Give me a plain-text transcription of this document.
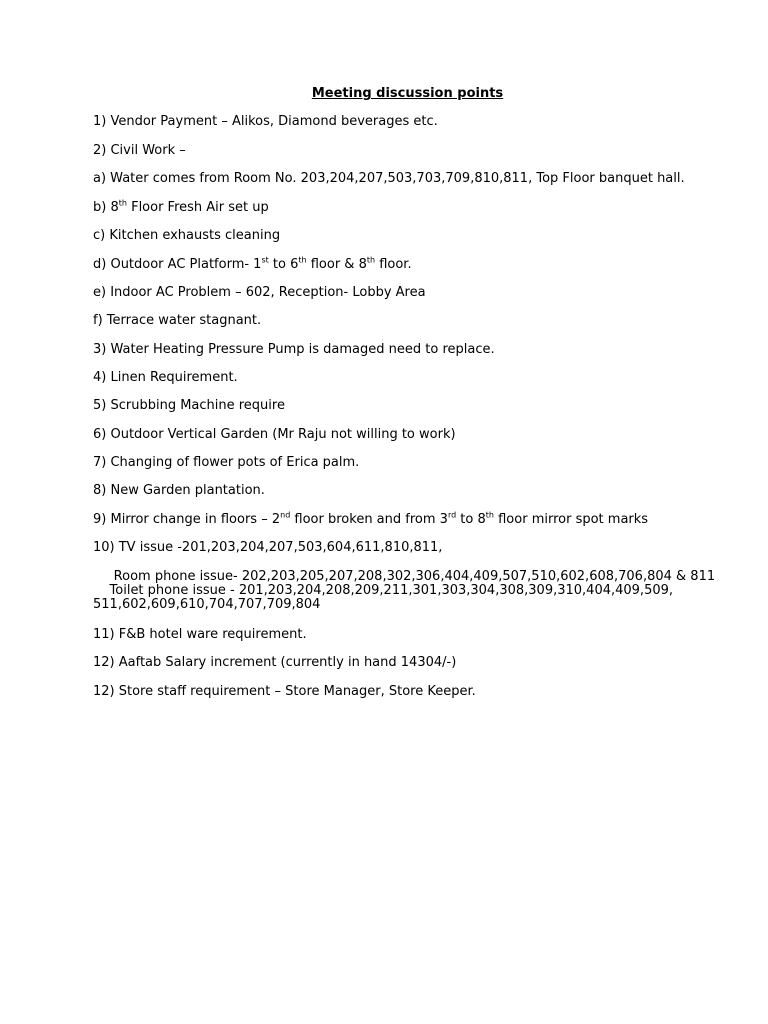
Meeting discussion points
1) Vendor Payment – Alikos, Diamond beverages etc.
2) Civil Work –
a) Water comes from Room No. 203,204,207,503,703,709,810,811, Top Floor banquet hall.
b) 8th Floor Fresh Air set up
c) Kitchen exhausts cleaning
d) Outdoor AC Platform- 1st to 6th floor & 8th floor.
e) Indoor AC Problem – 602, Reception- Lobby Area
f) Terrace water stagnant.
3) Water Heating Pressure Pump is damaged need to replace.
4) Linen Requirement.
5) Scrubbing Machine require
6) Outdoor Vertical Garden (Mr Raju not willing to work)
7) Changing of flower pots of Erica palm.
8) New Garden plantation.
9) Mirror change in floors – 2nd floor broken and from 3rd to 8th floor mirror spot marks
10) TV issue -201,203,204,207,503,604,611,810,811,
Room phone issue- 202,203,205,207,208,302,306,404,409,507,510,602,608,706,804 & 811
Toilet phone issue - 201,203,204,208,209,211,301,303,304,308,309,310,404,409,509,
511,602,609,610,704,707,709,804
11) F&B hotel ware requirement.
12) Aaftab Salary increment (currently in hand 14304/-)
12) Store staff requirement – Store Manager, Store Keeper.
